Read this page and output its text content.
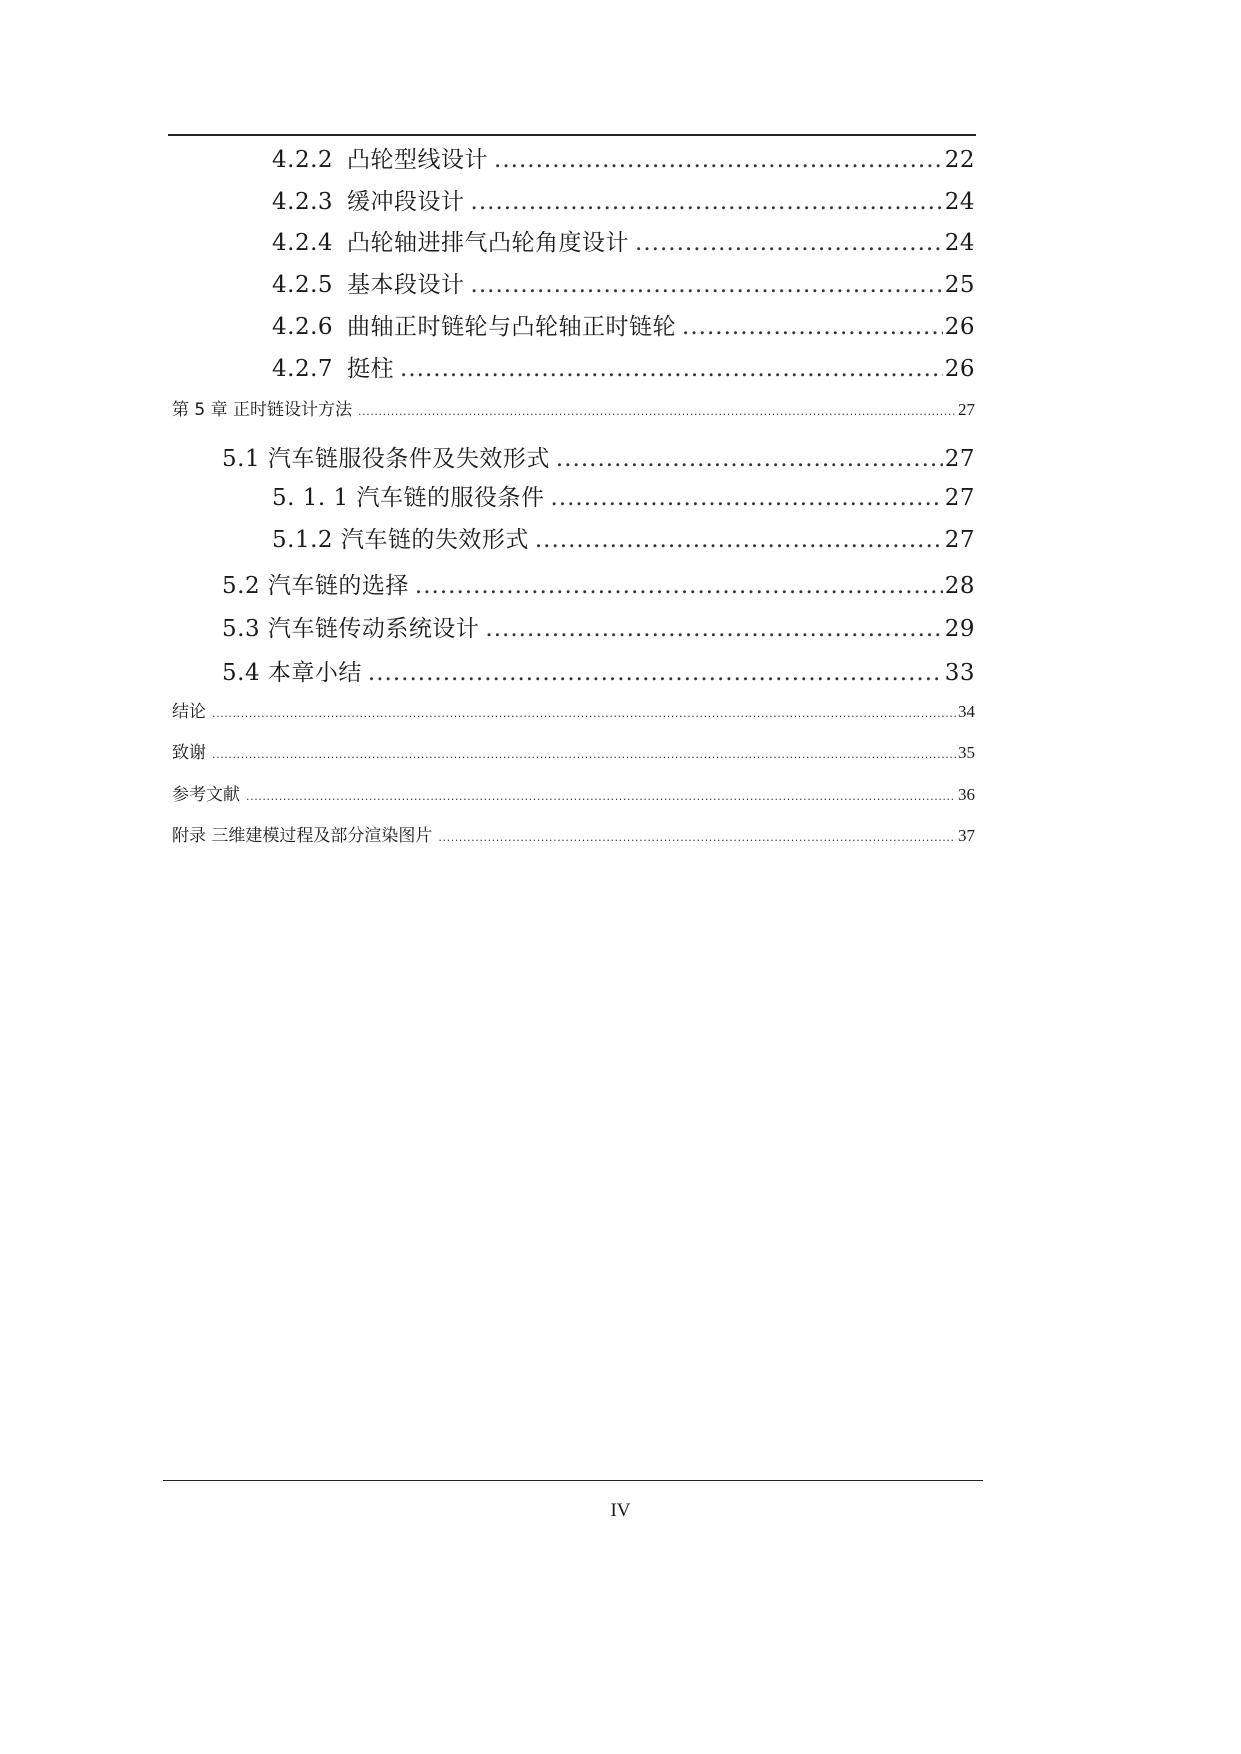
4.2.2 凸轮型线设计 .....	22
4.2.3 缓冲段设计 .....	24
4.2.4 凸轮轴进排气凸轮角度设计 .....	24
4.2.5 基本段设计 .....	25
4.2.6 曲轴正时链轮与凸轮轴正时链轮 .....	26
4.2.7 挺柱 .....	26
第 5 章 正时链设计方法 .....	27
5.1 汽车链服役条件及失效形式 .....	27
5. 1. 1 汽车链的服役条件 .....	27
5.1.2 汽车链的失效形式 .....	27
5.2 汽车链的选择 .....	28
5.3 汽车链传动系统设计 .....	29
5.4 本章小结 .....	33
结论 .....	34
致谢 .....	35
参考文献 .....	36
附录 三维建模过程及部分渲染图片 .....	37
IV
